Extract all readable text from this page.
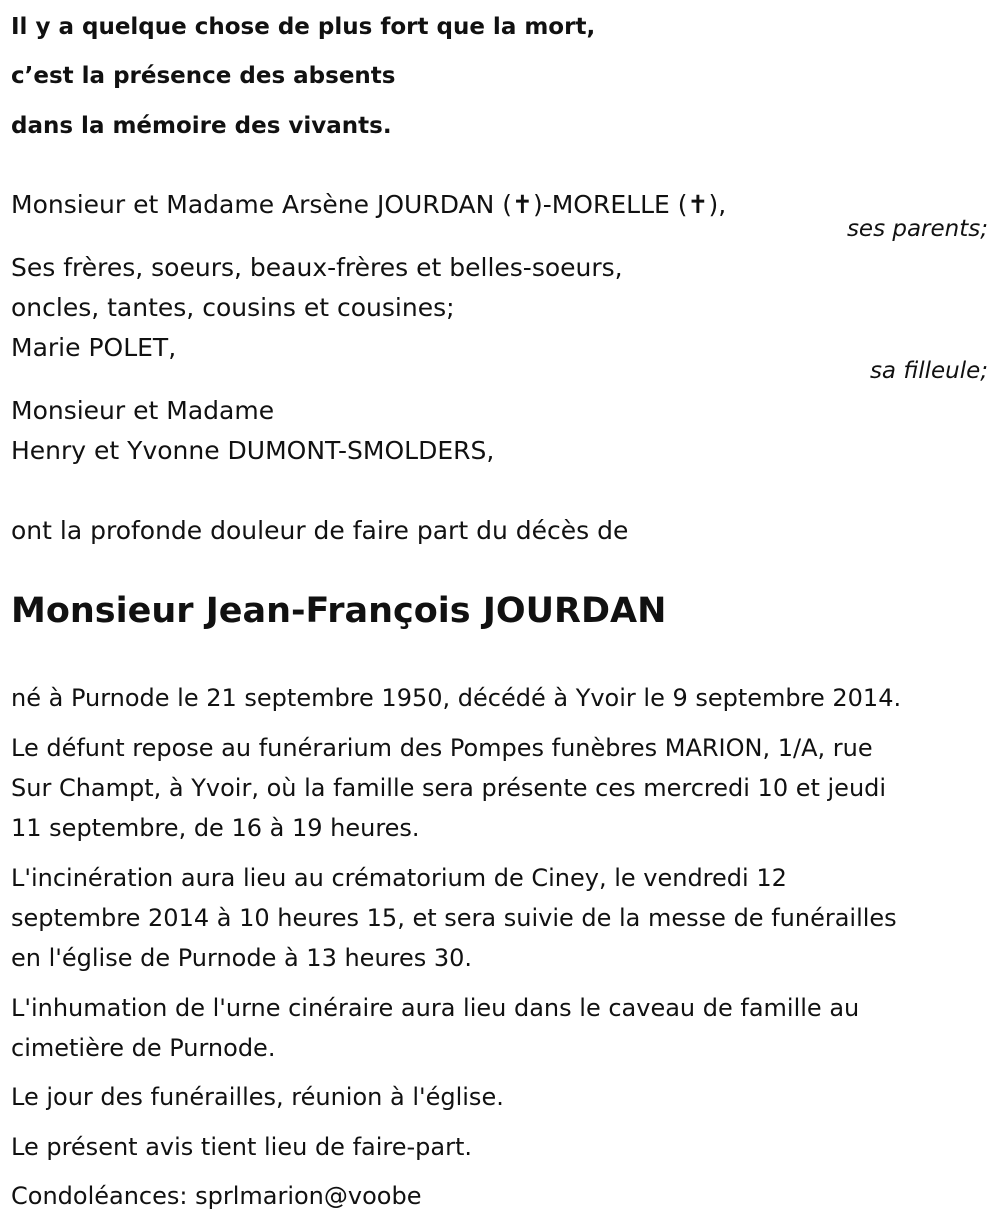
Il y a quelque chose de plus fort que la mort,
c’est la présence des absents
dans la mémoire des vivants.
Monsieur et Madame Arsène JOURDAN (✝)-MORELLE (✝),
ses parents;
Ses frères, soeurs, beaux-frères et belles-soeurs,
oncles, tantes, cousins et cousines;
Marie POLET,
sa filleule;
Monsieur et Madame
Henry et Yvonne DUMONT-SMOLDERS,
ont la profonde douleur de faire part du décès de
Monsieur Jean-François JOURDAN
né à Purnode le 21 septembre 1950, décédé à Yvoir le 9 septembre 2014.
Le défunt repose au funérarium des Pompes funèbres MARION, 1/A, rue
Sur Champt, à Yvoir, où la famille sera présente ces mercredi 10 et jeudi
11 septembre, de 16 à 19 heures.
L'incinération aura lieu au crématorium de Ciney, le vendredi 12
septembre 2014 à 10 heures 15, et sera suivie de la messe de funérailles
en l'église de Purnode à 13 heures 30.
L'inhumation de l'urne cinéraire aura lieu dans le caveau de famille au
cimetière de Purnode.
Le jour des funérailles, réunion à l'église.
Le présent avis tient lieu de faire-part.
Condoléances: sprlmarion@voobe
